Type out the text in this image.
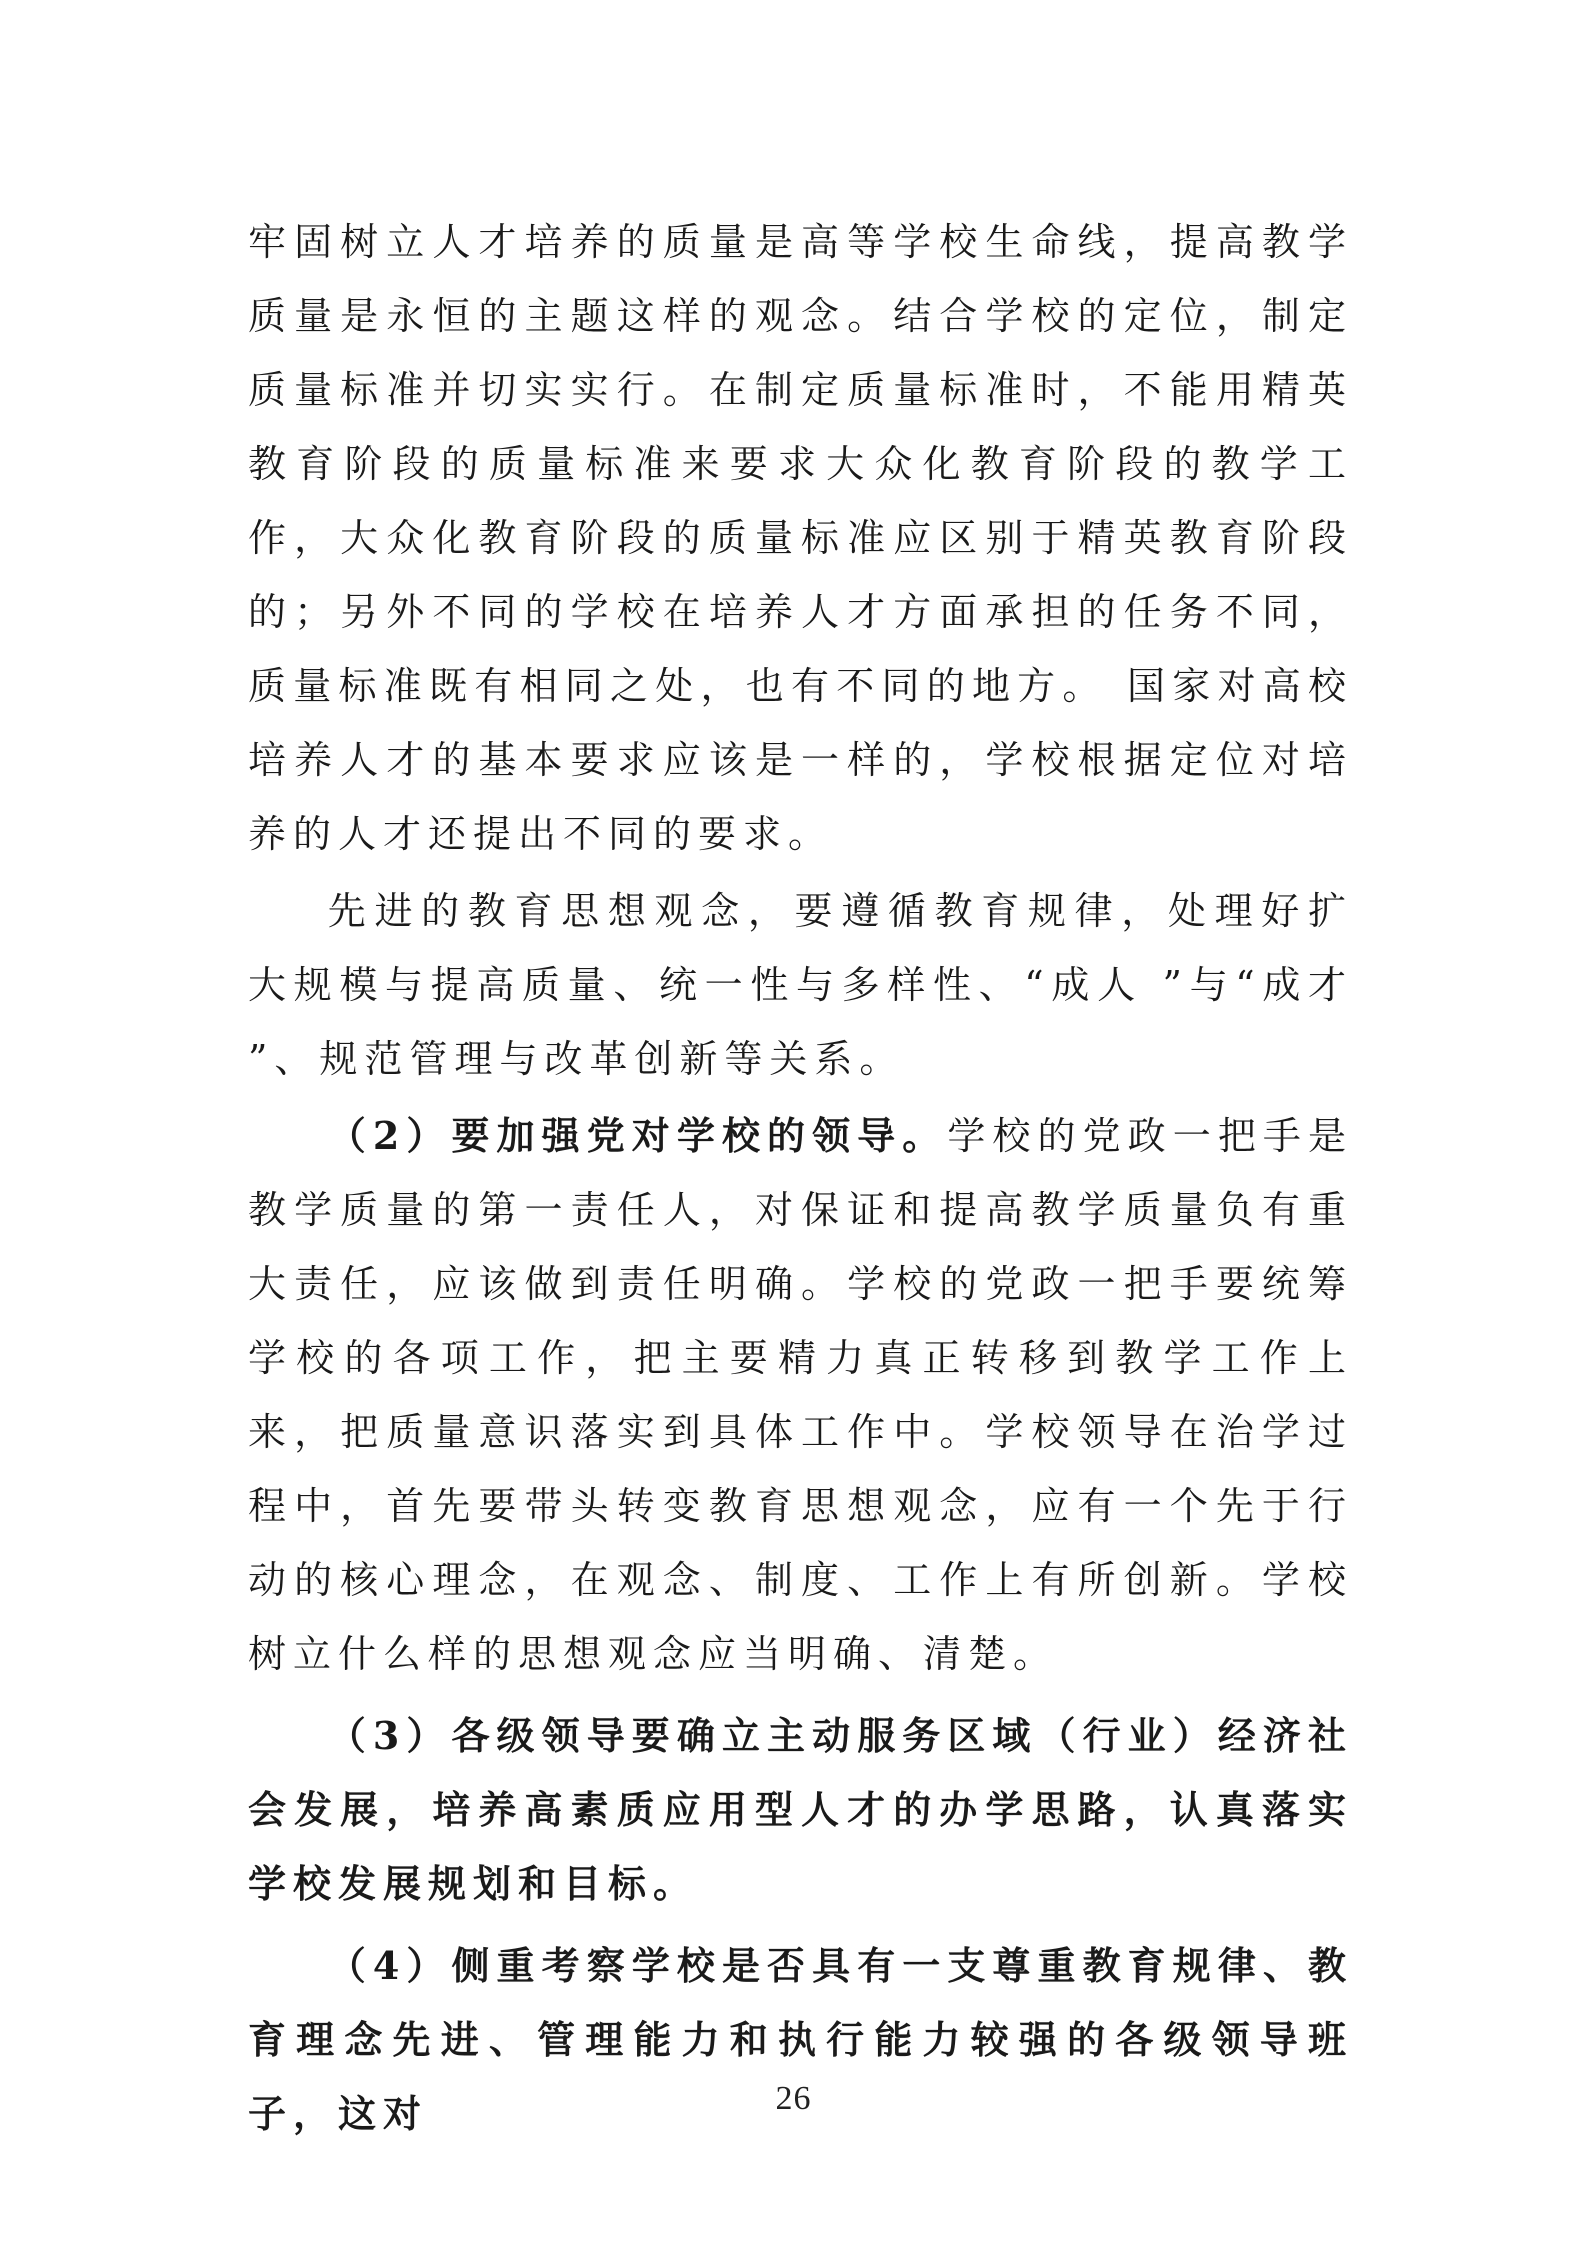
牢固树立人才培养的质量是高等学校生命线，提高教学质量是永恒的主题这样的观念。结合学校的定位，制定质量标准并切实实行。在制定质量标准时，不能用精英教育阶段的质量标准来要求大众化教育阶段的教学工作，大众化教育阶段的质量标准应区别于精英教育阶段的；另外不同的学校在培养人才方面承担的任务不同，质量标准既有相同之处，也有不同的地方。 国家对高校培养人才的基本要求应该是一样的，学校根据定位对培养的人才还提出不同的要求。

先进的教育思想观念，要遵循教育规律，处理好扩大规模与提高质量、统一性与多样性、“成人 ”与“成才 ”、规范管理与改革创新等关系。

（2）要加强党对学校的领导。学校的党政一把手是教学质量的第一责任人，对保证和提高教学质量负有重大责任，应该做到责任明确。学校的党政一把手要统筹学校的各项工作，把主要精力真正转移到教学工作上来，把质量意识落实到具体工作中。学校领导在治学过程中，首先要带头转变教育思想观念，应有一个先于行动的核心理念，在观念、制度、工作上有所创新。学校树立什么样的思想观念应当明确、清楚。

（3）各级领导要确立主动服务区域（行业）经济社会发展，培养高素质应用型人才的办学思路，认真落实学校发展规划和目标。

（4）侧重考察学校是否具有一支尊重教育规律、教育理念先进、管理能力和执行能力较强的各级领导班子，这对	26
